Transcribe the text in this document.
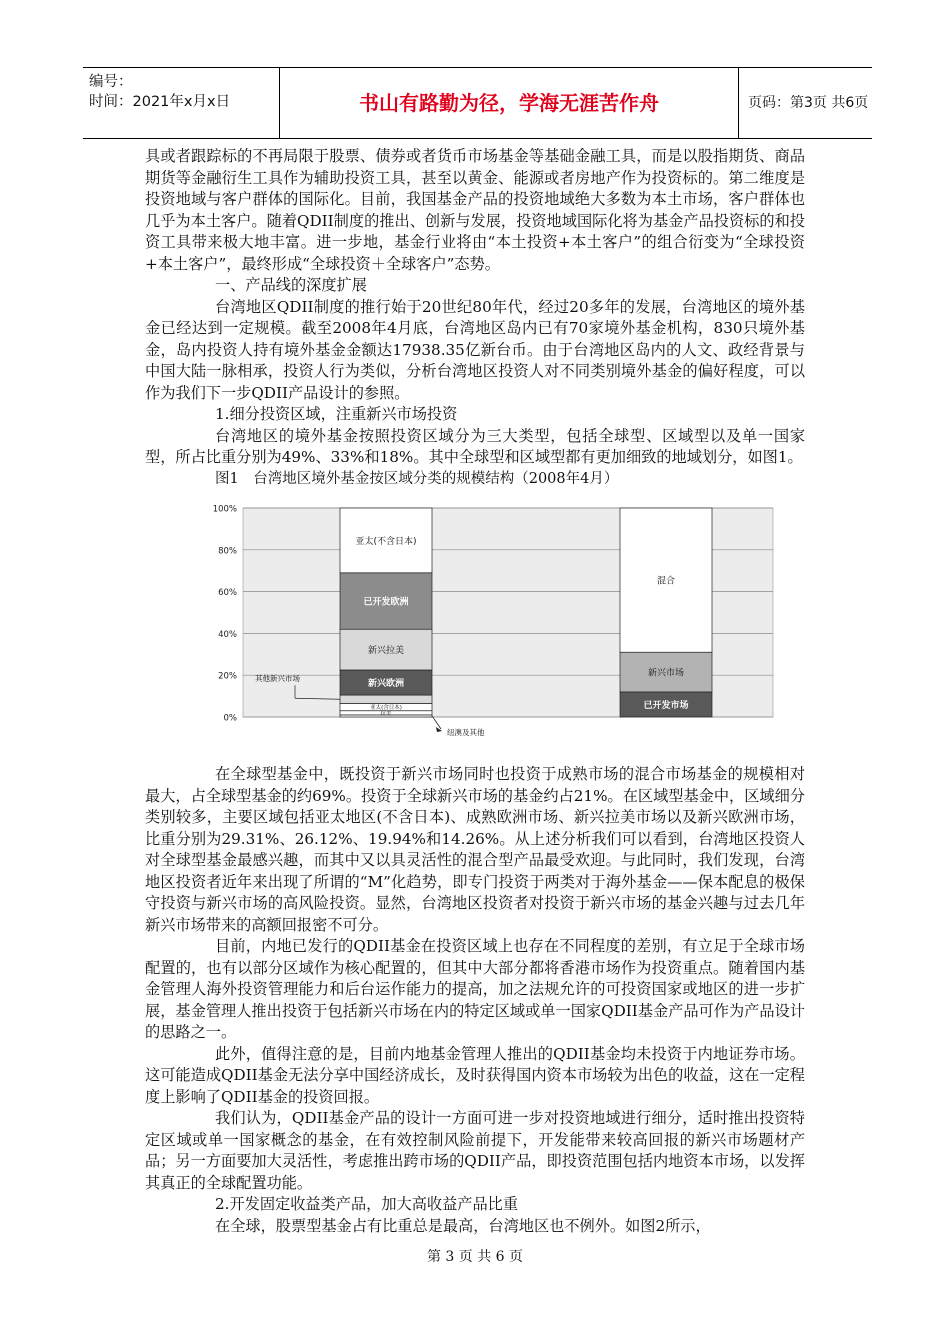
编号：
时间：2021年x月x日	书山有路勤为径，学海无涯苦作舟	页码：第3页 共6页

具或者跟踪标的不再局限于股票、债券或者货币市场基金等基础金融工具，而是以股指期货、商品期货等金融衍生工具作为辅助投资工具，甚至以黄金、能源或者房地产作为投资标的。第二维度是投资地域与客户群体的国际化。目前，我国基金产品的投资地域绝大多数为本土市场，客户群体也几乎为本土客户。随着QDII制度的推出、创新与发展，投资地域国际化将为基金产品投资标的和投资工具带来极大地丰富。进一步地，基金行业将由“本土投资+本土客户”的组合衍变为“全球投资+本土客户”，最终形成“全球投资＋全球客户”态势。

一、产品线的深度扩展

台湾地区QDII制度的推行始于20世纪80年代，经过20多年的发展，台湾地区的境外基金已经达到一定规模。截至2008年4月底，台湾地区岛内已有70家境外基金机构，830只境外基金，岛内投资人持有境外基金金额达17938.35亿新台币。由于台湾地区岛内的人文、政经背景与中国大陆一脉相承，投资人行为类似，分析台湾地区投资人对不同类别境外基金的偏好程度，可以作为我们下一步QDII产品设计的参照。

1.细分投资区域，注重新兴市场投资

台湾地区的境外基金按照投资区域分为三大类型，包括全球型、区域型以及单一国家型，所占比重分别为49%、33%和18%。其中全球型和区域型都有更加细致的地域划分，如图1。

图1　台湾地区境外基金按区域分类的规模结构（2008年4月）

0%
20%
40%
60%
80%
100%
拉美
亚太(含日本)
新兴欧洲
新兴拉美
已开发欧洲
亚太(不含日本)
已开发市场
新兴市场
混合
其他新兴市场
纽澳及其他

在全球型基金中，既投资于新兴市场同时也投资于成熟市场的混合市场基金的规模相对最大，占全球型基金的约69%。投资于全球新兴市场的基金约占21%。在区域型基金中，区域细分类别较多，主要区域包括亚太地区(不含日本)、成熟欧洲市场、新兴拉美市场以及新兴欧洲市场，比重分别为29.31%、26.12%、19.94%和14.26%。从上述分析我们可以看到，台湾地区投资人对全球型基金最感兴趣，而其中又以具灵活性的混合型产品最受欢迎。与此同时，我们发现，台湾地区投资者近年来出现了所谓的“M”化趋势，即专门投资于两类对于海外基金——保本配息的极保守投资与新兴市场的高风险投资。显然，台湾地区投资者对投资于新兴市场的基金兴趣与过去几年新兴市场带来的高额回报密不可分。

目前，内地已发行的QDII基金在投资区域上也存在不同程度的差别，有立足于全球市场配置的，也有以部分区域作为核心配置的，但其中大部分都将香港市场作为投资重点。随着国内基金管理人海外投资管理能力和后台运作能力的提高，加之法规允许的可投资国家或地区的进一步扩展，基金管理人推出投资于包括新兴市场在内的特定区域或单一国家QDII基金产品可作为产品设计的思路之一。

此外，值得注意的是，目前内地基金管理人推出的QDII基金均未投资于内地证券市场。这可能造成QDII基金无法分享中国经济成长，及时获得国内资本市场较为出色的收益，这在一定程度上影响了QDII基金的投资回报。

我们认为，QDII基金产品的设计一方面可进一步对投资地域进行细分，适时推出投资特定区域或单一国家概念的基金，在有效控制风险前提下，开发能带来较高回报的新兴市场题材产品；另一方面要加大灵活性，考虑推出跨市场的QDII产品，即投资范围包括内地资本市场，以发挥其真正的全球配置功能。

2.开发固定收益类产品，加大高收益产品比重

在全球，股票型基金占有比重总是最高，台湾地区也不例外。如图2所示，

第 3 页 共 6 页
